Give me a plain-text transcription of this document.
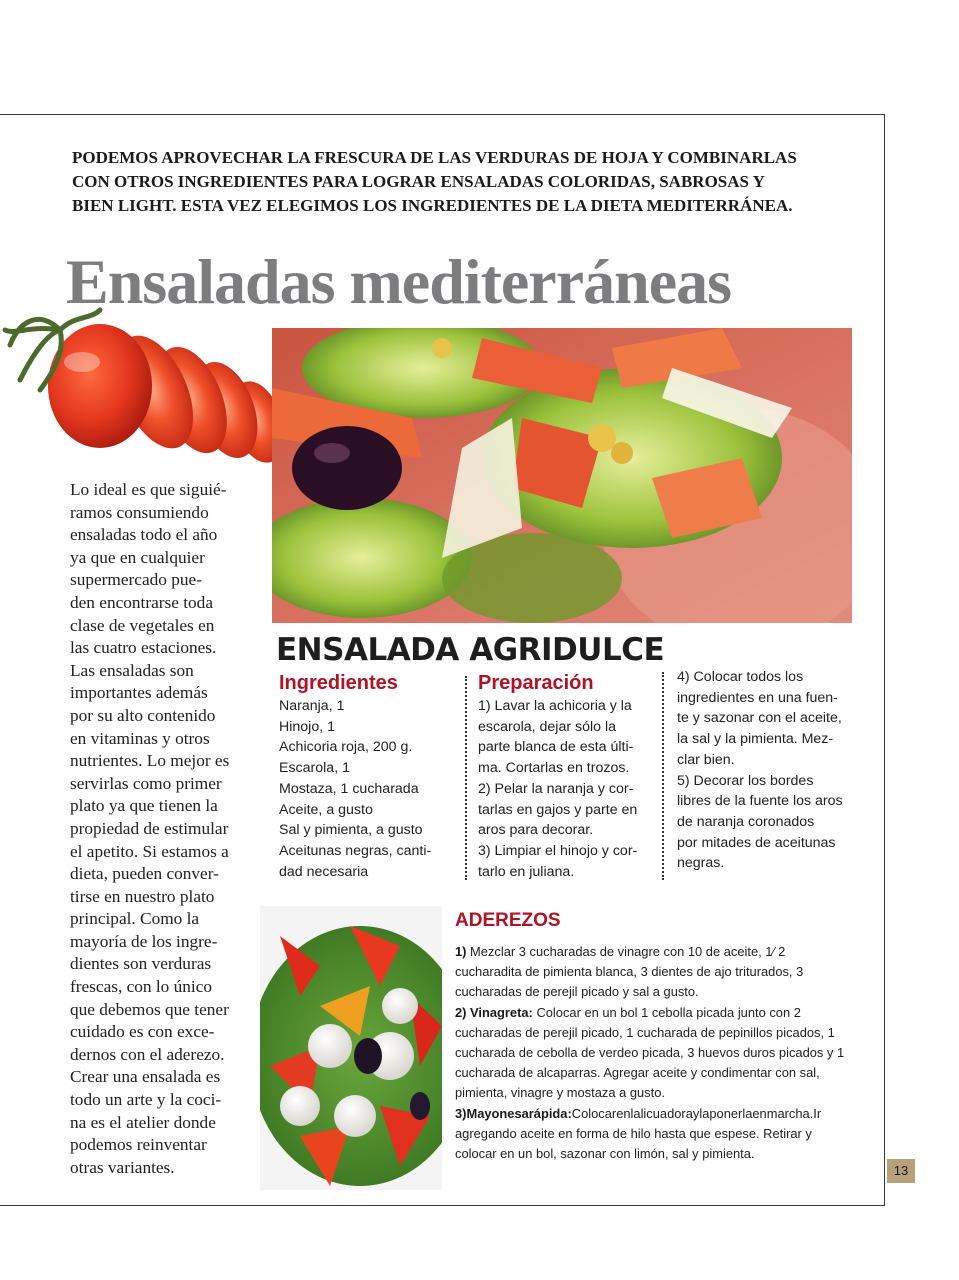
PODEMOS APROVECHAR LA FRESCURA DE LAS VERDURAS DE HOJA Y COMBINARLAS CON OTROS INGREDIENTES PARA LOGRAR ENSALADAS COLORIDAS, SABROSAS Y BIEN LIGHT. ESTA VEZ ELEGIMOS LOS INGREDIENTES DE LA DIETA MEDITERRÁNEA.

Ensaladas mediterráneas

Lo ideal es que siguié-
ramos consumiendo
ensaladas todo el año
ya que en cualquier
supermercado pue-
den encontrarse toda
clase de vegetales en
las cuatro estaciones.
Las ensaladas son
importantes además
por su alto contenido
en vitaminas y otros
nutrientes. Lo mejor es
servirlas como primer
plato ya que tienen la
propiedad de estimular
el apetito. Si estamos a
dieta, pueden conver-
tirse en nuestro plato
principal. Como la
mayoría de los ingre-
dientes son verduras
frescas, con lo único
que debemos que tener
cuidado es con exce-
dernos con el aderezo.
Crear una ensalada es
todo un arte y la coci-
na es el atelier donde
podemos reinventar
otras variantes.

ENSALADA AGRIDULCE
Ingredientes
Naranja, 1
Hinojo, 1
Achicoria roja, 200 g.
Escarola, 1
Mostaza, 1 cucharada
Aceite, a gusto
Sal y pimienta, a gusto
Aceitunas negras, canti-
dad necesaria
Preparación
1) Lavar la achicoria y la
escarola, dejar sólo la
parte blanca de esta últi-
ma. Cortarlas en trozos.
2) Pelar la naranja y cor-
tarlas en gajos y parte en
aros para decorar.
3) Limpiar el hinojo y cor-
tarlo en juliana.
4) Colocar todos los
ingredientes en una fuen-
te y sazonar con el aceite,
la sal y la pimienta. Mez-
clar bien.
5) Decorar los bordes
libres de la fuente los aros
de naranja coronados
por mitades de aceitunas
negras.
ADEREZOS

1) Mezclar 3 cucharadas de vinagre con 10 de aceite, 1⁄ 2 cucharadita de pimienta blanca, 3 dientes de ajo triturados, 3 cucharadas de perejil picado y sal a gusto.
2) Vinagreta: Colocar en un bol 1 cebolla picada junto con 2 cucharadas de perejil picado, 1 cucharada de pepinillos picados, 1 cucharada de cebolla de verdeo picada, 3 huevos duros picados y 1 cucharada de alcaparras. Agregar aceite y condimentar con sal, pimienta, vinagre y mostaza a gusto.
3)Mayonesarápida:Colocarenlalicuadoraylaponerlaenmarcha.Ir agregando aceite en forma de hilo hasta que espese. Retirar y colocar en un bol, sazonar con limón, sal y pimienta.

13
